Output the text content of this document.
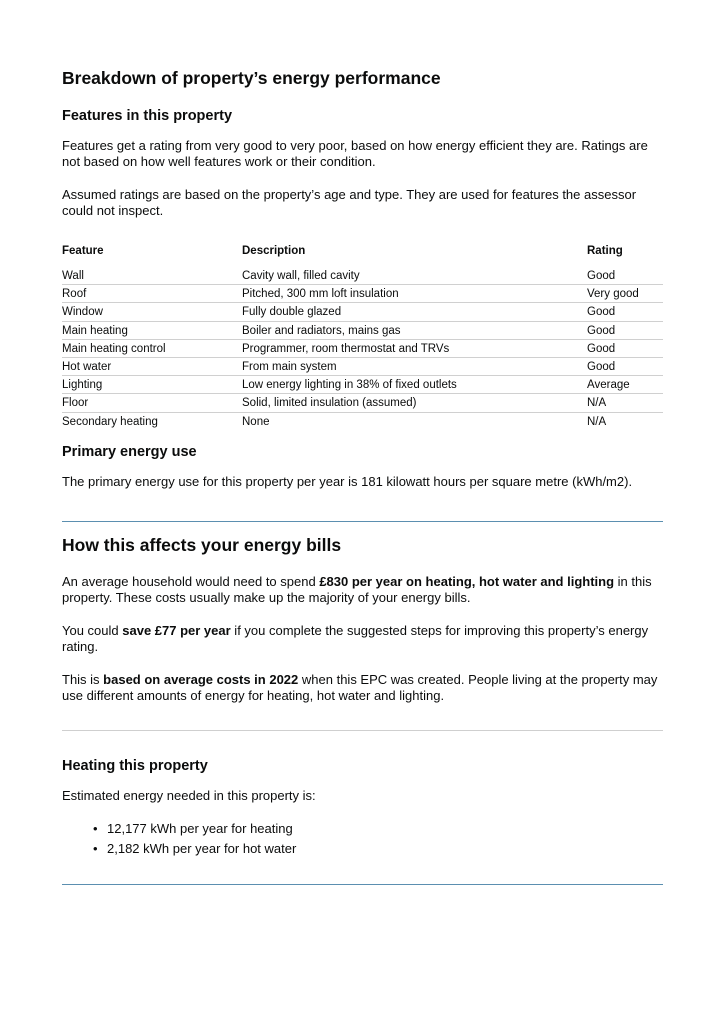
Breakdown of property’s energy performance
Features in this property

Features get a rating from very good to very poor, based on how energy efficient they are. Ratings are not based on how well features work or their condition.

Assumed ratings are based on the property’s age and type. They are used for features the assessor could not inspect.

Feature	Description	Rating
Wall	Cavity wall, filled cavity	Good
Roof	Pitched, 300 mm loft insulation	Very good
Window	Fully double glazed	Good
Main heating	Boiler and radiators, mains gas	Good
Main heating control	Programmer, room thermostat and TRVs	Good
Hot water	From main system	Good
Lighting	Low energy lighting in 38% of fixed outlets	Average
Floor	Solid, limited insulation (assumed)	N/A
Secondary heating	None	N/A
Primary energy use

The primary energy use for this property per year is 181 kilowatt hours per square metre (kWh/m2).

How this affects your energy bills

An average household would need to spend £830 per year on heating, hot water and lighting in this property. These costs usually make up the majority of your energy bills.

You could save £77 per year if you complete the suggested steps for improving this property’s energy rating.

This is based on average costs in 2022 when this EPC was created. People living at the property may use different amounts of energy for heating, hot water and lighting.

Heating this property

Estimated energy needed in this property is:

• 12,177 kWh per year for heating
• 2,182 kWh per year for hot water
